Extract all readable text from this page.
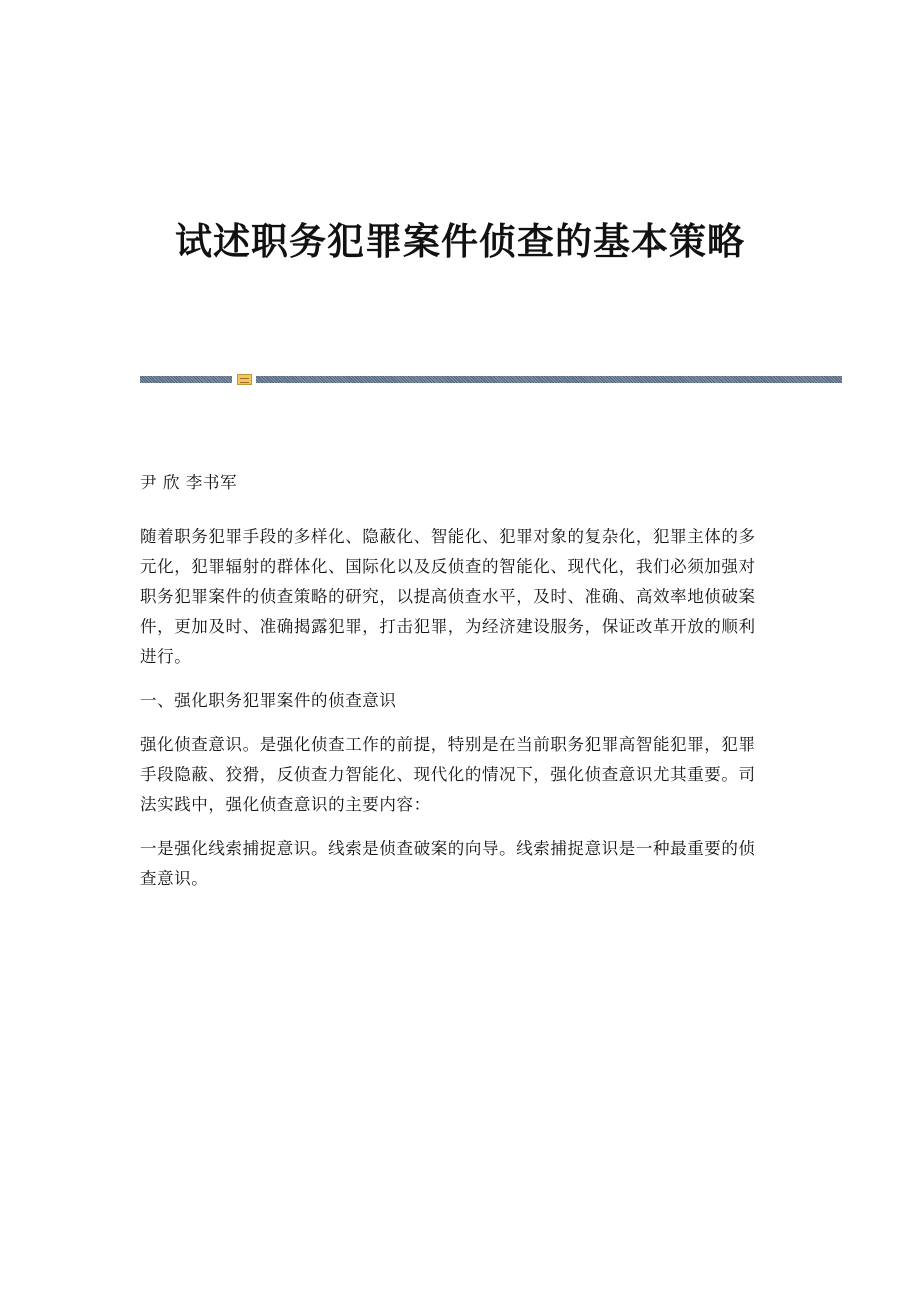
试述职务犯罪案件侦查的基本策略

尹 欣 李书军

随着职务犯罪手段的多样化、隐蔽化、智能化、犯罪对象的复杂化，犯罪主体的多元化，犯罪辐射的群体化、国际化以及反侦查的智能化、现代化，我们必须加强对职务犯罪案件的侦查策略的研究，以提高侦查水平，及时、准确、高效率地侦破案件，更加及时、准确揭露犯罪，打击犯罪，为经济建设服务，保证改革开放的顺利进行。

一、强化职务犯罪案件的侦查意识

强化侦查意识。是强化侦查工作的前提，特别是在当前职务犯罪高智能犯罪，犯罪手段隐蔽、狡猾，反侦查力智能化、现代化的情况下，强化侦查意识尤其重要。司法实践中，强化侦查意识的主要内容：

一是强化线索捕捉意识。线索是侦查破案的向导。线索捕捉意识是一种最重要的侦查意识。
